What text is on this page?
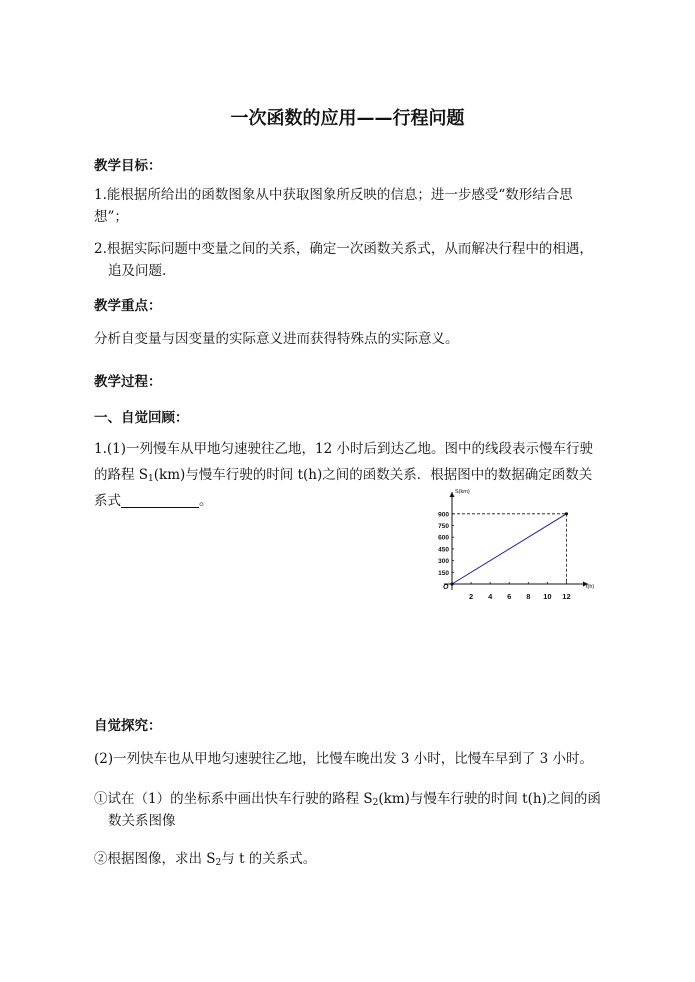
一次函数的应用——行程问题
教学目标：
1.能根据所给出的函数图象从中获取图象所反映的信息；进一步感受“数形结合思
想”；
2.根据实际问题中变量之间的关系，确定一次函数关系式，从而解决行程中的相遇，
追及问题.
教学重点：
分析自变量与因变量的实际意义进而获得特殊点的实际意义。
教学过程：
一、自觉回顾：
1.(1)一列慢车从甲地匀速驶往乙地，12 小时后到达乙地。图中的线段表示慢车行驶
的路程 $S_1(km)$与慢车行驶的时间 t(h)之间的函数关系．根据图中的数据确定函数关
系式	。
S(km)
t(h)
O
2 4 6 8 10 12
150
300
450
600
750
900
自觉探究：
(2)一列快车也从甲地匀速驶往乙地，比慢车晚出发 3 小时，比慢车早到了 3 小时。
①试在（1）的坐标系中画出快车行驶的路程 $S_2(km)$与慢车行驶的时间 t(h)之间的函
数关系图像
②根据图像，求出 $S_2$与 t 的关系式。
